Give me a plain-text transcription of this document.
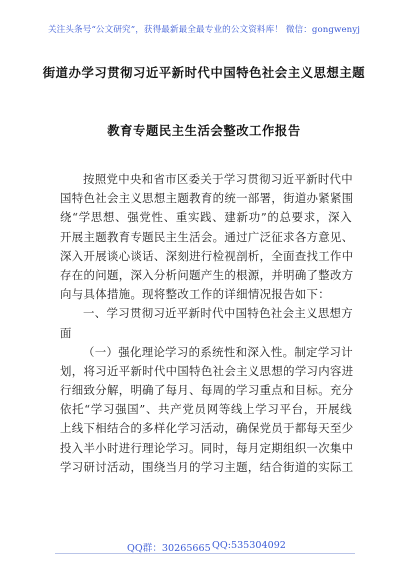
关注头条号“公文研究”，获得最新最全最专业的公文资料库！ 微信：gongwenyj
街道办学习贯彻习近平新时代中国特色社会主义思想主题
教育专题民主生活会整改工作报告
按照党中央和省市区委关于学习贯彻习近平新时代中
国特色社会主义思想主题教育的统一部署，街道办紧紧围
绕“学思想、强党性、重实践、建新功”的总要求，深入
开展主题教育专题民主生活会。通过广泛征求各方意见、
深入开展谈心谈话、深刻进行检视剖析，全面查找工作中
存在的问题，深入分析问题产生的根源，并明确了整改方
向与具体措施。现将整改工作的详细情况报告如下：
一、学习贯彻习近平新时代中国特色社会主义思想方
面
（一）强化理论学习的系统性和深入性。制定学习计
划，将习近平新时代中国特色社会主义思想的学习内容进
行细致分解，明确了每月、每周的学习重点和目标。充分
依托“学习强国”、共产党员网等线上学习平台，开展线
上线下相结合的多样化学习活动，确保党员于都每天至少
投入半小时进行理论学习。同时，每月定期组织一次集中
学习研讨活动，围绕当月的学习主题，结合街道的实际工
QQ群：30265665 QQ:535304092
